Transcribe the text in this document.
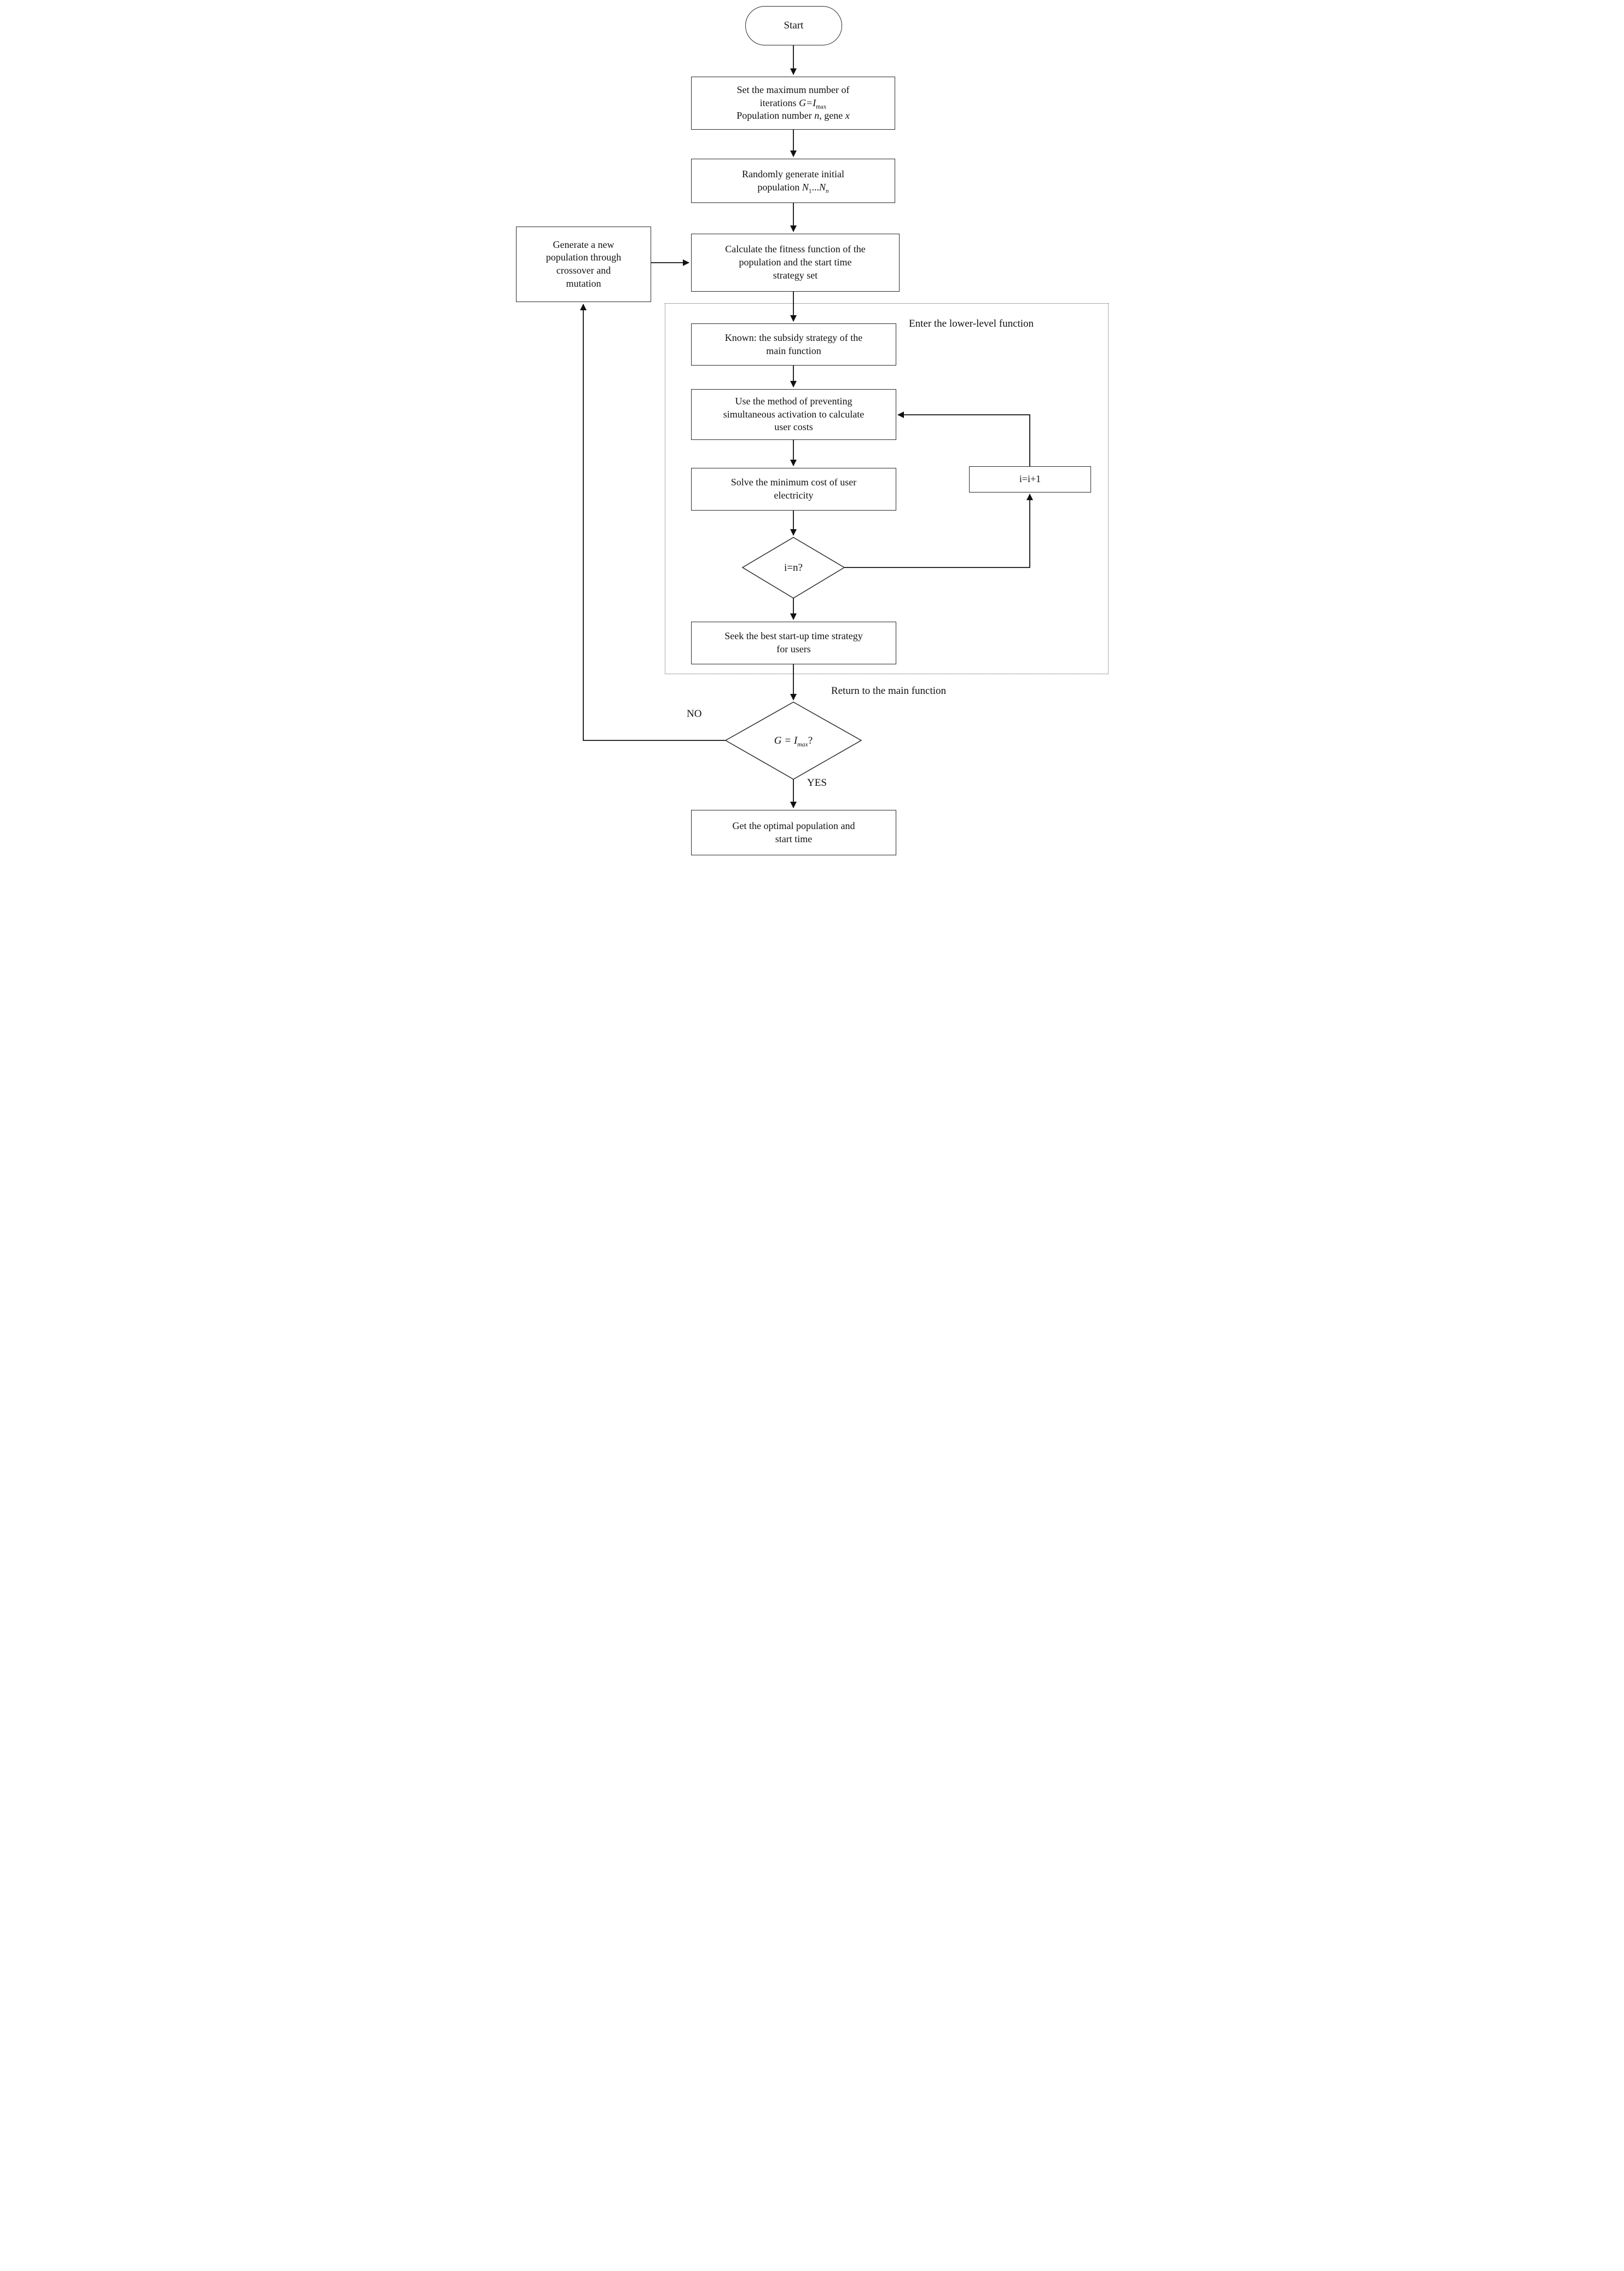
Start
Set the maximum number of
iterations $G=I_{max}$
Population number n, gene x
Randomly generate initial
population $N_1...N_n$
Generate a new
population through
crossover and
mutation
Calculate the fitness function of the
population and the start time
strategy set
Enter the lower-level function
Known: the subsidy strategy of the
main function
Use the method of preventing
simultaneous activation to calculate
user costs
Solve the minimum cost of user
electricity
i=i+1
i=n?
Seek the best start-up time strategy
for users
Return to the main function
$G = I_{max}$?
NO
YES
Get the optimal population and
start time
